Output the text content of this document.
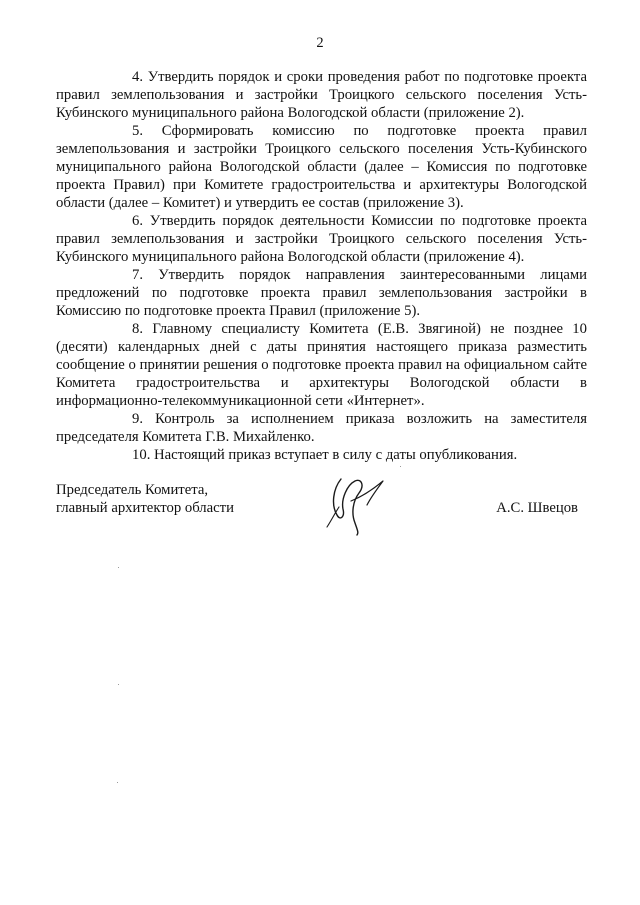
2

4. Утвердить порядок и сроки проведения работ по подготовке проекта правил землепользования и застройки Троицкого сельского поселения Усть-Кубинского муниципального района Вологодской области (приложение 2).

5. Сформировать комиссию по подготовке проекта правил землепользования и застройки Троицкого сельского поселения Усть-Кубинского муниципального района Вологодской области (далее – Комиссия по подготовке проекта Правил) при Комитете градостроительства и архитектуры Вологодской области (далее – Комитет) и утвердить ее состав (приложение 3).

6. Утвердить порядок деятельности Комиссии по подготовке проекта правил землепользования и застройки Троицкого сельского поселения Усть-Кубинского муниципального района Вологодской области (приложение 4).

7. Утвердить порядок направления заинтересованными лицами предложений по подготовке проекта правил землепользования застройки в Комиссию по подготовке проекта Правил (приложение 5).

8. Главному специалисту Комитета (Е.В. Звягиной) не позднее 10 (десяти) календарных дней с даты принятия настоящего приказа разместить сообщение о принятии решения о подготовке проекта правил на официальном сайте Комитета градостроительства и архитектуры Вологодской области в информационно-телекоммуникационной сети «Интернет».

9. Контроль за исполнением приказа возложить на заместителя председателя Комитета Г.В. Михайленко.

10. Настоящий приказ вступает в силу с даты опубликования.

Председатель Комитета,
главный архитектор области	А.С. Швецов
